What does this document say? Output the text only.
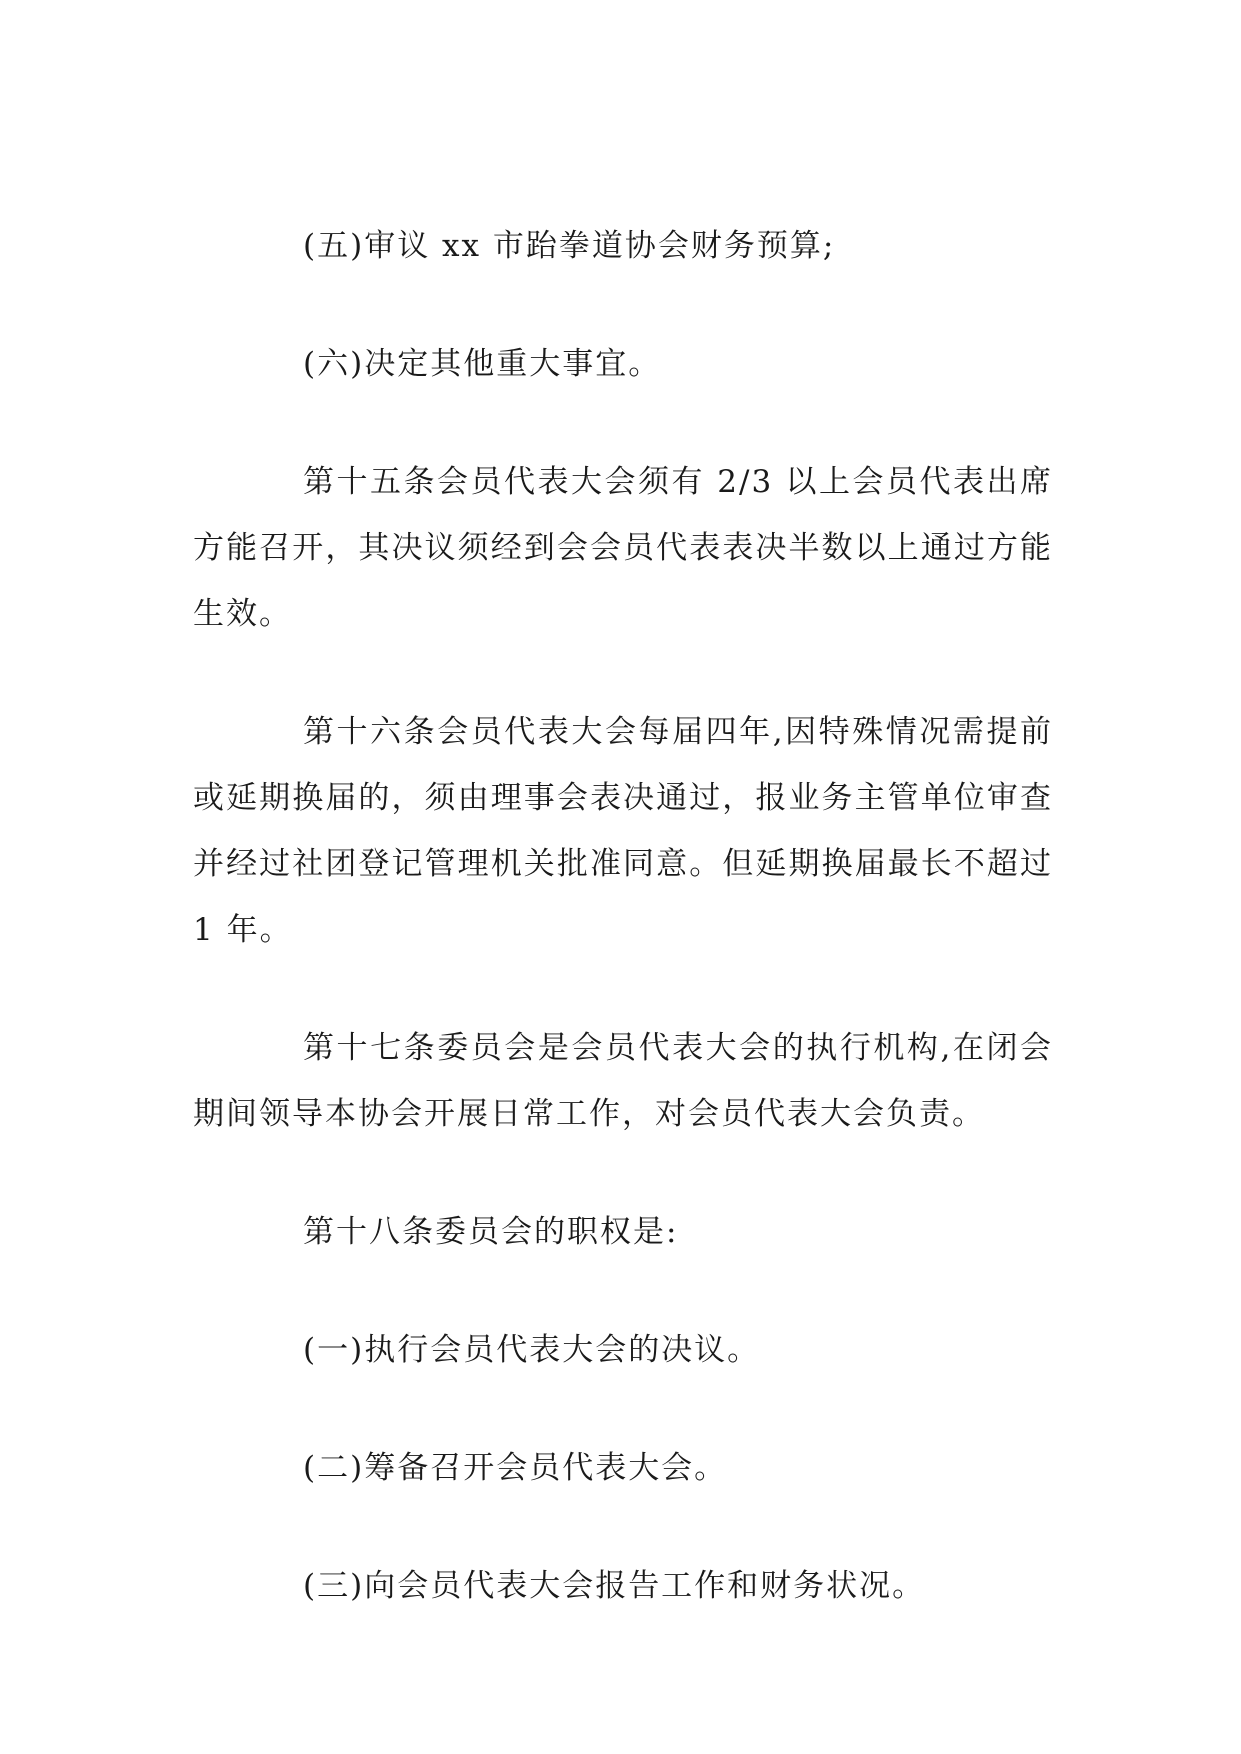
(五)审议 xx 市跆拳道协会财务预算;

(六)决定其他重大事宜。

第十五条会员代表大会须有 2/3 以上会员代表出席方能召开，其决议须经到会会员代表表决半数以上通过方能生效。

第十六条会员代表大会每届四年,因特殊情况需提前或延期换届的，须由理事会表决通过，报业务主管单位审查并经过社团登记管理机关批准同意。但延期换届最长不超过 1 年。

第十七条委员会是会员代表大会的执行机构,在闭会期间领导本协会开展日常工作，对会员代表大会负责。

第十八条委员会的职权是:

(一)执行会员代表大会的决议。

(二)筹备召开会员代表大会。

(三)向会员代表大会报告工作和财务状况。
